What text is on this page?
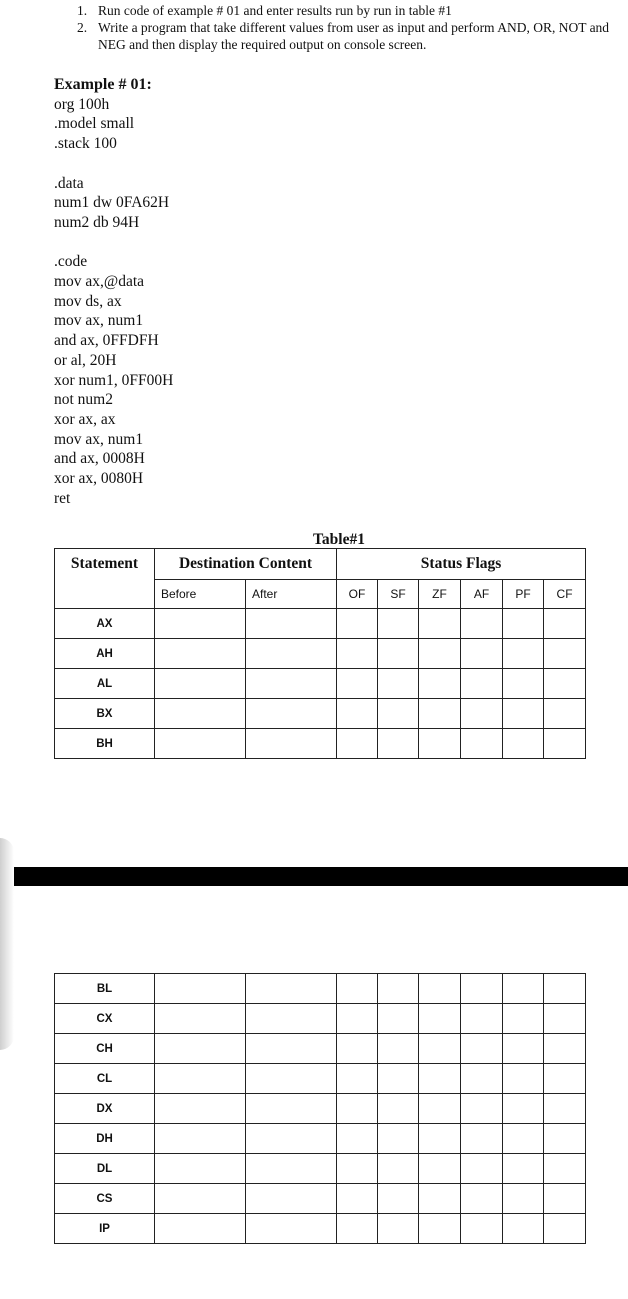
1. Run code of example # 01 and enter results run by run in table #1
2. Write a program that take different values from user as input and perform AND, OR, NOT and NEG and then display the required output on console screen.
Example # 01:
org 100h
.model small
.stack 100
.data
num1 dw 0FA62H
num2 db 94H
.code
mov ax,@data
mov ds, ax
mov ax, num1
and ax, 0FFDFH
or al, 20H
xor num1, 0FF00H
not num2
xor ax, ax
mov ax, num1
and ax, 0008H
xor ax, 0080H
ret
Table#1
Statement	Destination Content		Status Flags					
	Before	After	OF	SF	ZF	AF	PF	CF
AX								
AH								
AL								
BX								
BH								
BL								
CX								
CH								
CL								
DX								
DH								
DL								
CS								
IP								
